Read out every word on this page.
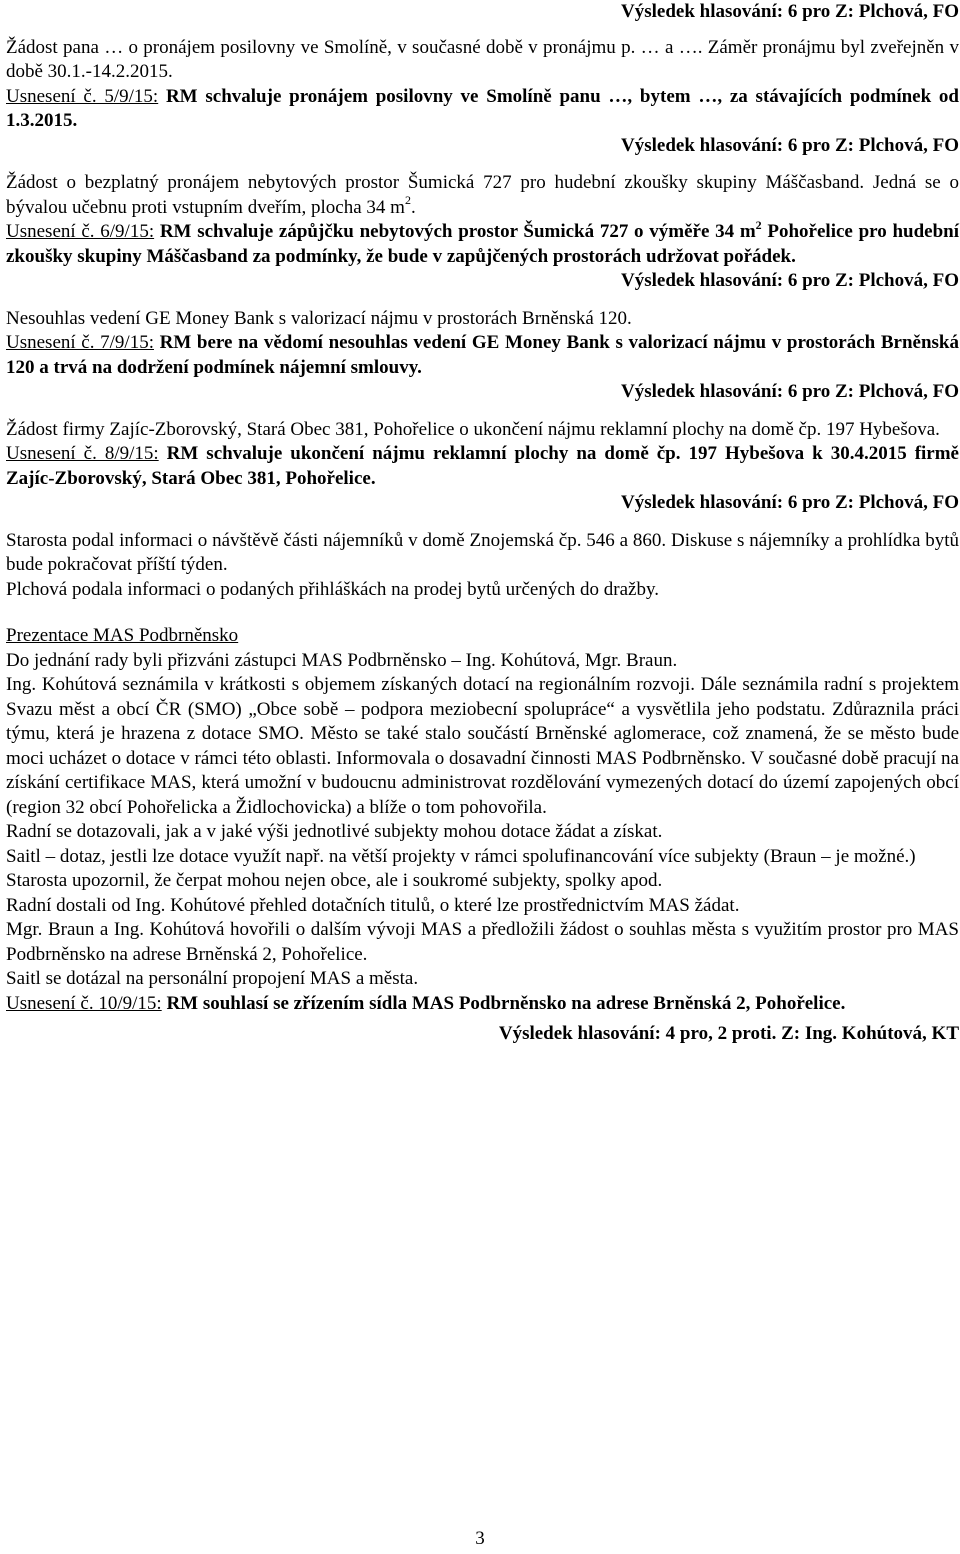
Výsledek hlasování: 6 pro Z: Plchová, FO

Žádost pana … o pronájem posilovny ve Smolíně, v současné době v pronájmu p. … a …. Záměr pronájmu byl zveřejněn v době 30.1.-14.2.2015.

Usnesení č. 5/9/15: RM schvaluje pronájem posilovny ve Smolíně panu …, bytem …, za stávajících podmínek od 1.3.2015.

Výsledek hlasování: 6 pro Z: Plchová, FO

Žádost o bezplatný pronájem nebytových prostor Šumická 727 pro hudební zkoušky skupiny Máščasband. Jedná se o bývalou učebnu proti vstupním dveřím, plocha 34 $m^2$.

Usnesení č. 6/9/15: RM schvaluje zápůjčku nebytových prostor Šumická 727 o výměře 34 $m^2$ Pohořelice pro hudební zkoušky skupiny Máščasband za podmínky, že bude v zapůjčených prostorách udržovat pořádek.

Výsledek hlasování: 6 pro Z: Plchová, FO

Nesouhlas vedení GE Money Bank s valorizací nájmu v prostorách Brněnská 120.

Usnesení č. 7/9/15: RM bere na vědomí nesouhlas vedení GE Money Bank s valorizací nájmu v prostorách Brněnská 120 a trvá na dodržení podmínek nájemní smlouvy.

Výsledek hlasování: 6 pro Z: Plchová, FO

Žádost firmy Zajíc-Zborovský, Stará Obec 381, Pohořelice o ukončení nájmu reklamní plochy na domě čp. 197 Hybešova.

Usnesení č. 8/9/15: RM schvaluje ukončení nájmu reklamní plochy na domě čp. 197 Hybešova k 30.4.2015 firmě Zajíc-Zborovský, Stará Obec 381, Pohořelice.

Výsledek hlasování: 6 pro Z: Plchová, FO

Starosta podal informaci o návštěvě části nájemníků v domě Znojemská čp. 546 a 860. Diskuse s nájemníky a prohlídka bytů bude pokračovat příští týden.

Plchová podala informaci o podaných přihláškách na prodej bytů určených do dražby.

Prezentace MAS Podbrněnsko

Do jednání rady byli přizváni zástupci MAS Podbrněnsko – Ing. Kohútová, Mgr. Braun.

Ing. Kohútová seznámila v krátkosti s objemem získaných dotací na regionálním rozvoji. Dále seznámila radní s projektem Svazu měst a obcí ČR (SMO) „Obce sobě – podpora meziobecní spolupráce“ a vysvětlila jeho podstatu. Zdůraznila práci týmu, která je hrazena z dotace SMO. Město se také stalo součástí Brněnské aglomerace, což znamená, že se město bude moci ucházet o dotace v rámci této oblasti. Informovala o dosavadní činnosti MAS Podbrněnsko. V současné době pracují na získání certifikace MAS, která umožní v budoucnu administrovat rozdělování vymezených dotací do území zapojených obcí (region 32 obcí Pohořelicka a Židlochovicka) a blíže o tom pohovořila.

Radní se dotazovali, jak a v jaké výši jednotlivé subjekty mohou dotace žádat a získat.

Saitl – dotaz, jestli lze dotace využít např. na větší projekty v rámci spolufinancování více subjekty (Braun – je možné.)

Starosta upozornil, že čerpat mohou nejen obce, ale i soukromé subjekty, spolky apod.

Radní dostali od Ing. Kohútové přehled dotačních titulů, o které lze prostřednictvím MAS žádat.

Mgr. Braun a Ing. Kohútová hovořili o dalším vývoji MAS a předložili žádost o souhlas města s využitím prostor pro MAS Podbrněnsko na adrese Brněnská 2, Pohořelice.

Saitl se dotázal na personální propojení MAS a města.

Usnesení č. 10/9/15: RM souhlasí se zřízením sídla MAS Podbrněnsko na adrese Brněnská 2, Pohořelice.

Výsledek hlasování: 4 pro, 2 proti. Z: Ing. Kohútová, KT

3
